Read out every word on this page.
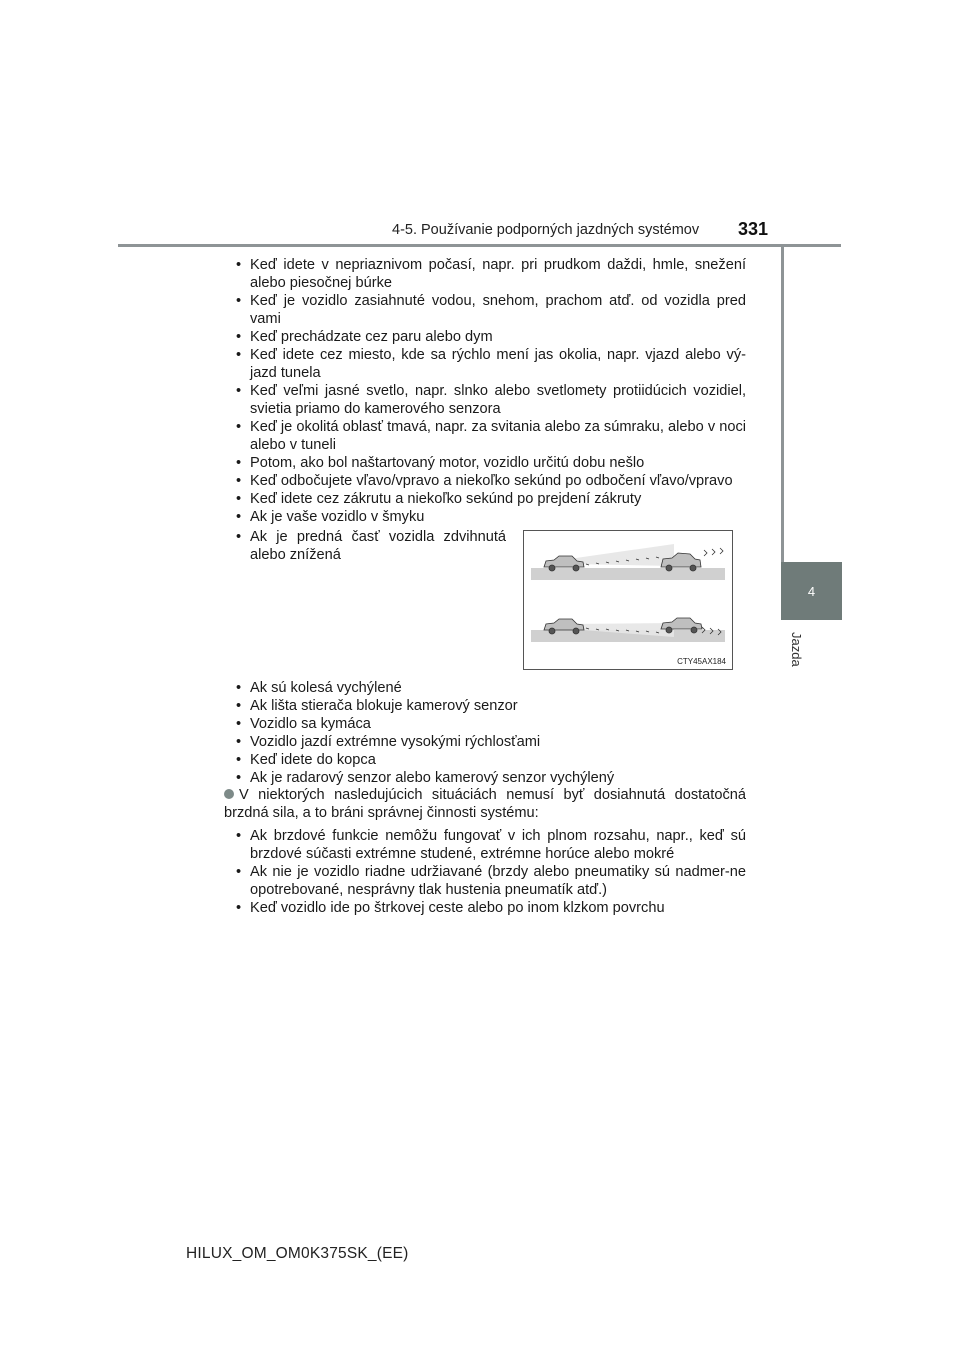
4-5. Používanie podporných jazdných systémov 331
4
Jazda
• Keď idete v nepriaznivom počasí, napr. pri prudkom daždi, hmle, snežení alebo piesočnej búrke
• Keď je vozidlo zasiahnuté vodou, snehom, prachom atď. od vozidla pred vami
• Keď prechádzate cez paru alebo dym
• Keď idete cez miesto, kde sa rýchlo mení jas okolia, napr. vjazd alebo vý-jazd tunela
• Keď veľmi jasné svetlo, napr. slnko alebo svetlomety protiidúcich vozidiel, svietia priamo do kamerového senzora
• Keď je okolitá oblasť tmavá, napr. za svitania alebo za súmraku, alebo v noci alebo v tuneli
• Potom, ako bol naštartovaný motor, vozidlo určitú dobu nešlo
• Keď odbočujete vľavo/vpravo a niekoľko sekúnd po odbočení vľavo/vpravo
• Keď idete cez zákrutu a niekoľko sekúnd po prejdení zákruty
• Ak je vaše vozidlo v šmyku
• Ak je predná časť vozidla zdvihnutá alebo znížená
CTY45AX184
• Ak sú kolesá vychýlené
• Ak lišta stierača blokuje kamerový senzor
• Vozidlo sa kymáca
• Vozidlo jazdí extrémne vysokými rýchlosťami
• Keď idete do kopca
• Ak je radarový senzor alebo kamerový senzor vychýlený
V niektorých nasledujúcich situáciách nemusí byť dosiahnutá dostatočná brzdná sila, a to bráni správnej činnosti systému:
• Ak brzdové funkcie nemôžu fungovať v ich plnom rozsahu, napr., keď sú brzdové súčasti extrémne studené, extrémne horúce alebo mokré
• Ak nie je vozidlo riadne udržiavané (brzdy alebo pneumatiky sú nadmer-ne opotrebované, nesprávny tlak hustenia pneumatík atď.)
• Keď vozidlo ide po štrkovej ceste alebo po inom klzkom povrchu
HILUX_OM_OM0K375SK_(EE)
